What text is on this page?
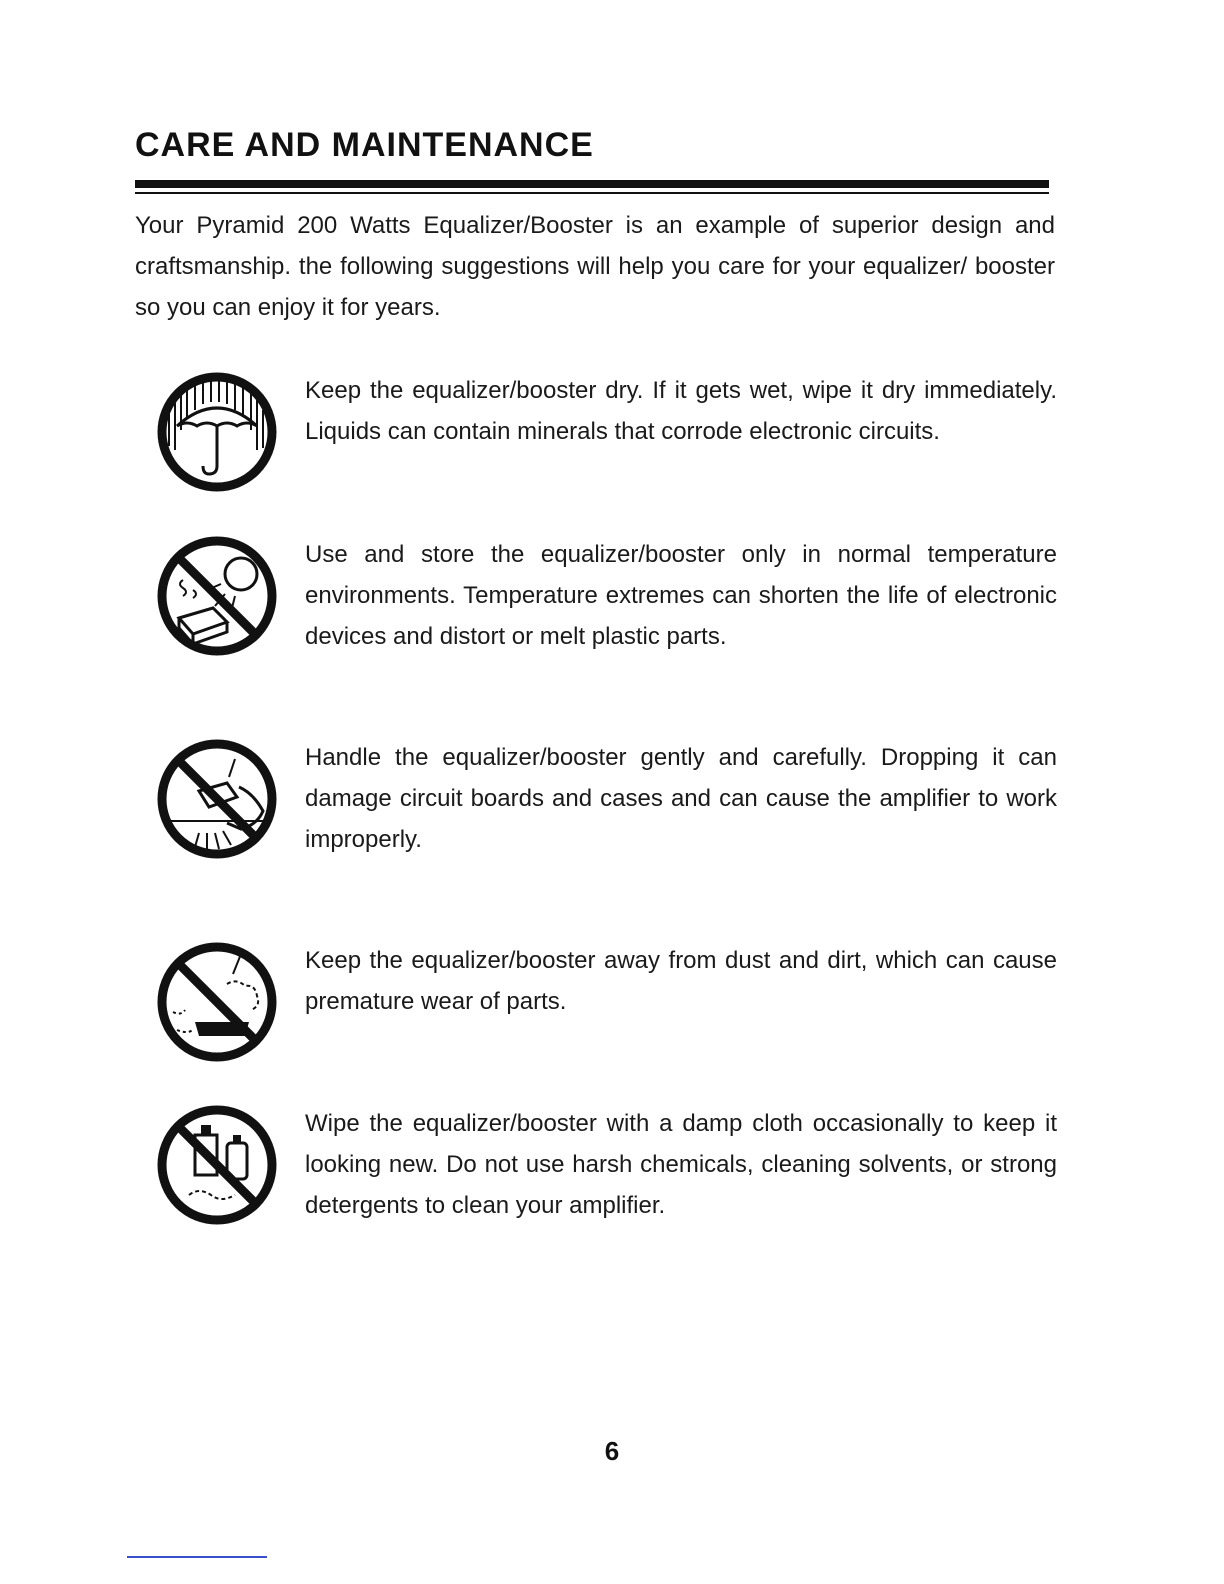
CARE AND MAINTENANCE

Your Pyramid 200 Watts Equalizer/Booster is an example of superior design and craftsmanship. the following suggestions will help you care for your equalizer/ booster so you can enjoy it for years.

Keep the equalizer/booster dry. If it gets wet, wipe it dry immediately. Liquids can contain minerals that corrode electronic circuits.

Use and store the equalizer/booster only in normal temperature environments. Temperature extremes can shorten the life of electronic devices and distort or melt plastic parts.

Handle the equalizer/booster gently and carefully. Dropping it can damage circuit boards and cases and can cause the amplifier to work improperly.

Keep the equalizer/booster away from dust and dirt, which can cause premature wear of parts.

Wipe the equalizer/booster with a damp cloth occasionally to keep it looking new. Do not use harsh chemicals, cleaning solvents, or strong detergents to clean your amplifier.

6
